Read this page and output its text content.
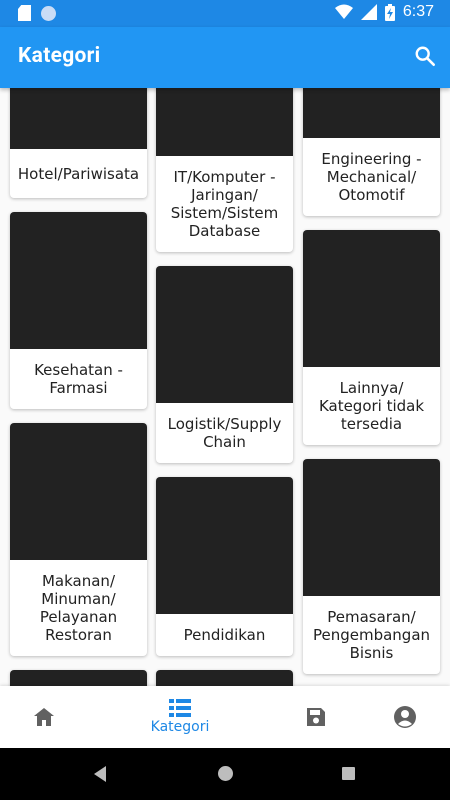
6:37
Kategori
Hotel/Pariwisata
Kesehatan - Farmasi
Makanan/ Minuman/ Pelayanan Restoran
IT/Komputer - Jaringan/ Sistem/Sistem Database
Logistik/Supply Chain
Pendidikan
Engineering - Mechanical/ Otomotif
Lainnya/ Kategori tidak tersedia
Pemasaran/ Pengembangan Bisnis
Kategori
